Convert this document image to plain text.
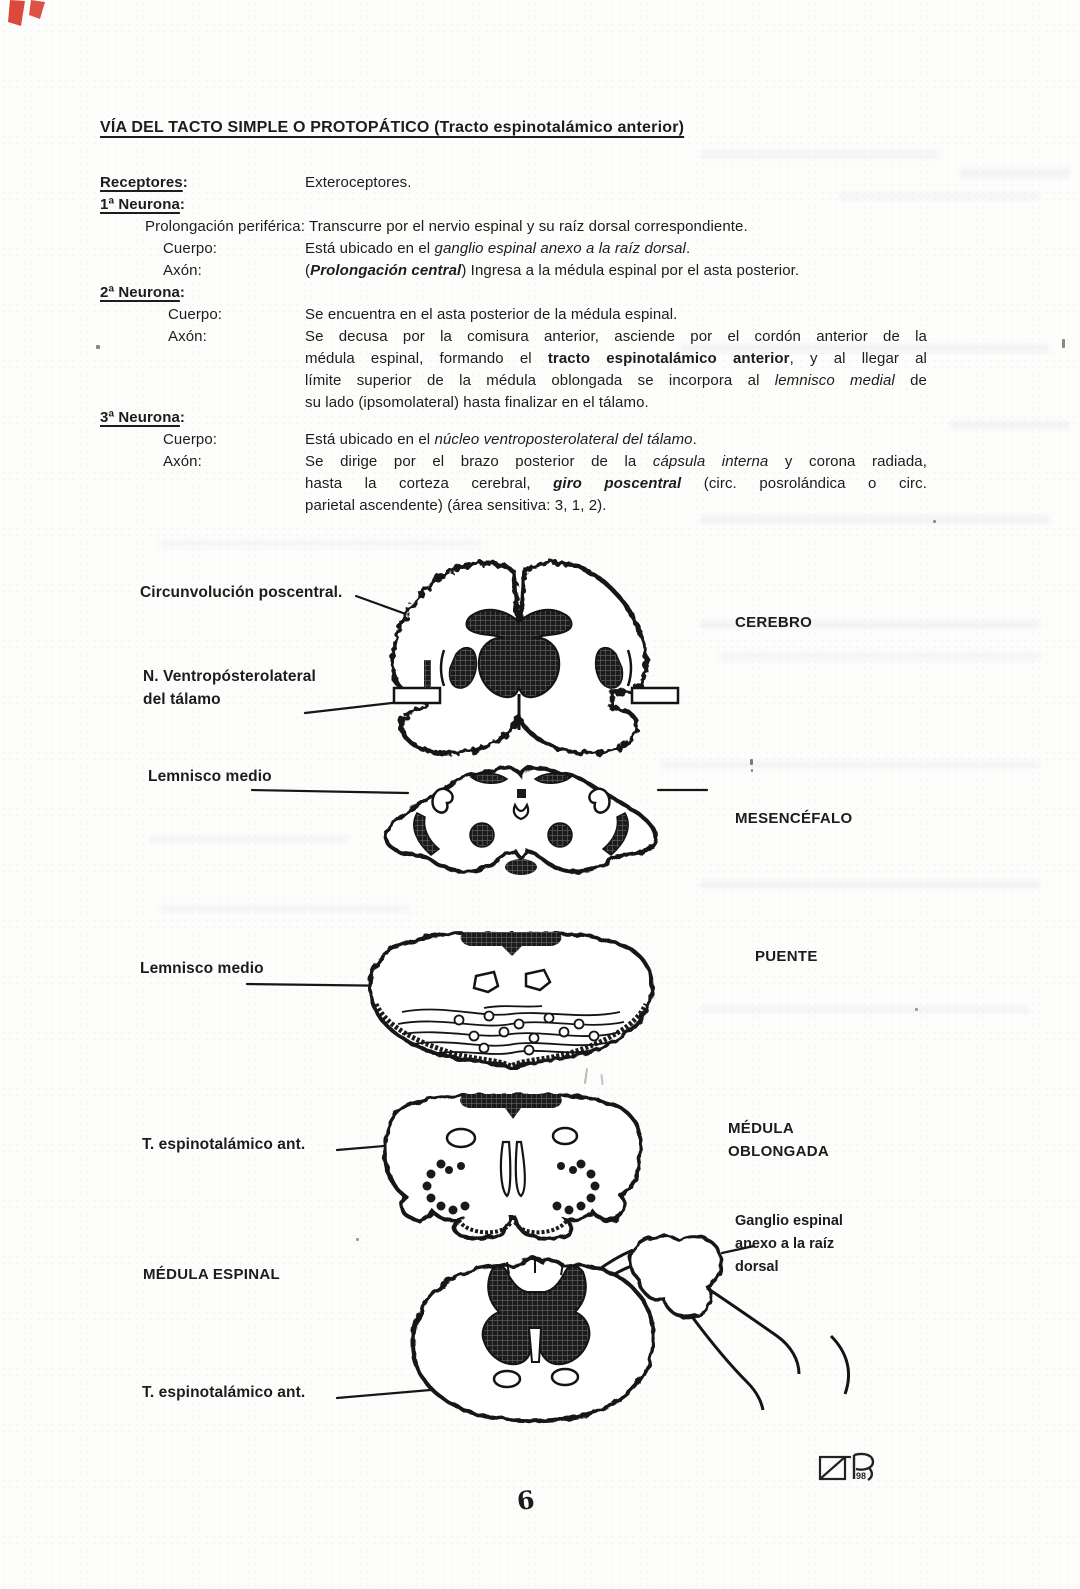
VÍA DEL TACTO SIMPLE O PROTOPÁTICO (Tracto espinotalámico anterior)
Receptores:	Exteroceptores.
1ª Neurona:
Prolongación periférica: Transcurre por el nervio espinal y su raíz dorsal correspondiente.
Cuerpo:	Está ubicado en el ganglio espinal anexo a la raíz dorsal.
Axón:	(Prolongación central) Ingresa a la médula espinal por el asta posterior.
2ª Neurona:
Cuerpo:	Se encuentra en el asta posterior de la médula espinal.
Axón:	Se decusa por la comisura anterior, asciende por el cordón anterior de la
médula espinal, formando el tracto espinotalámico anterior, y al llegar al
límite superior de la médula oblongada se incorpora al lemnisco medial de
su lado (ipsomolateral) hasta finalizar en el tálamo.
3ª Neurona:
Cuerpo:	Está ubicado en el núcleo ventroposterolateral del tálamo.
Axón:	Se dirige por el brazo posterior de la cápsula interna y corona radiada,
hasta la corteza cerebral, giro poscentral (circ. posrolándica o circ.
parietal ascendente) (área sensitiva: 3, 1, 2).
Circunvolución poscentral.
N. Ventropósterolateral
del tálamo
Lemnisco medio
Lemnisco medio
T. espinotalámico ant.
MÉDULA ESPINAL
T. espinotalámico ant.
CEREBRO
MESENCÉFALO
PUENTE
MÉDULA
OBLONGADA
Ganglio espinal
anexo a la raíz
dorsal
6
98
